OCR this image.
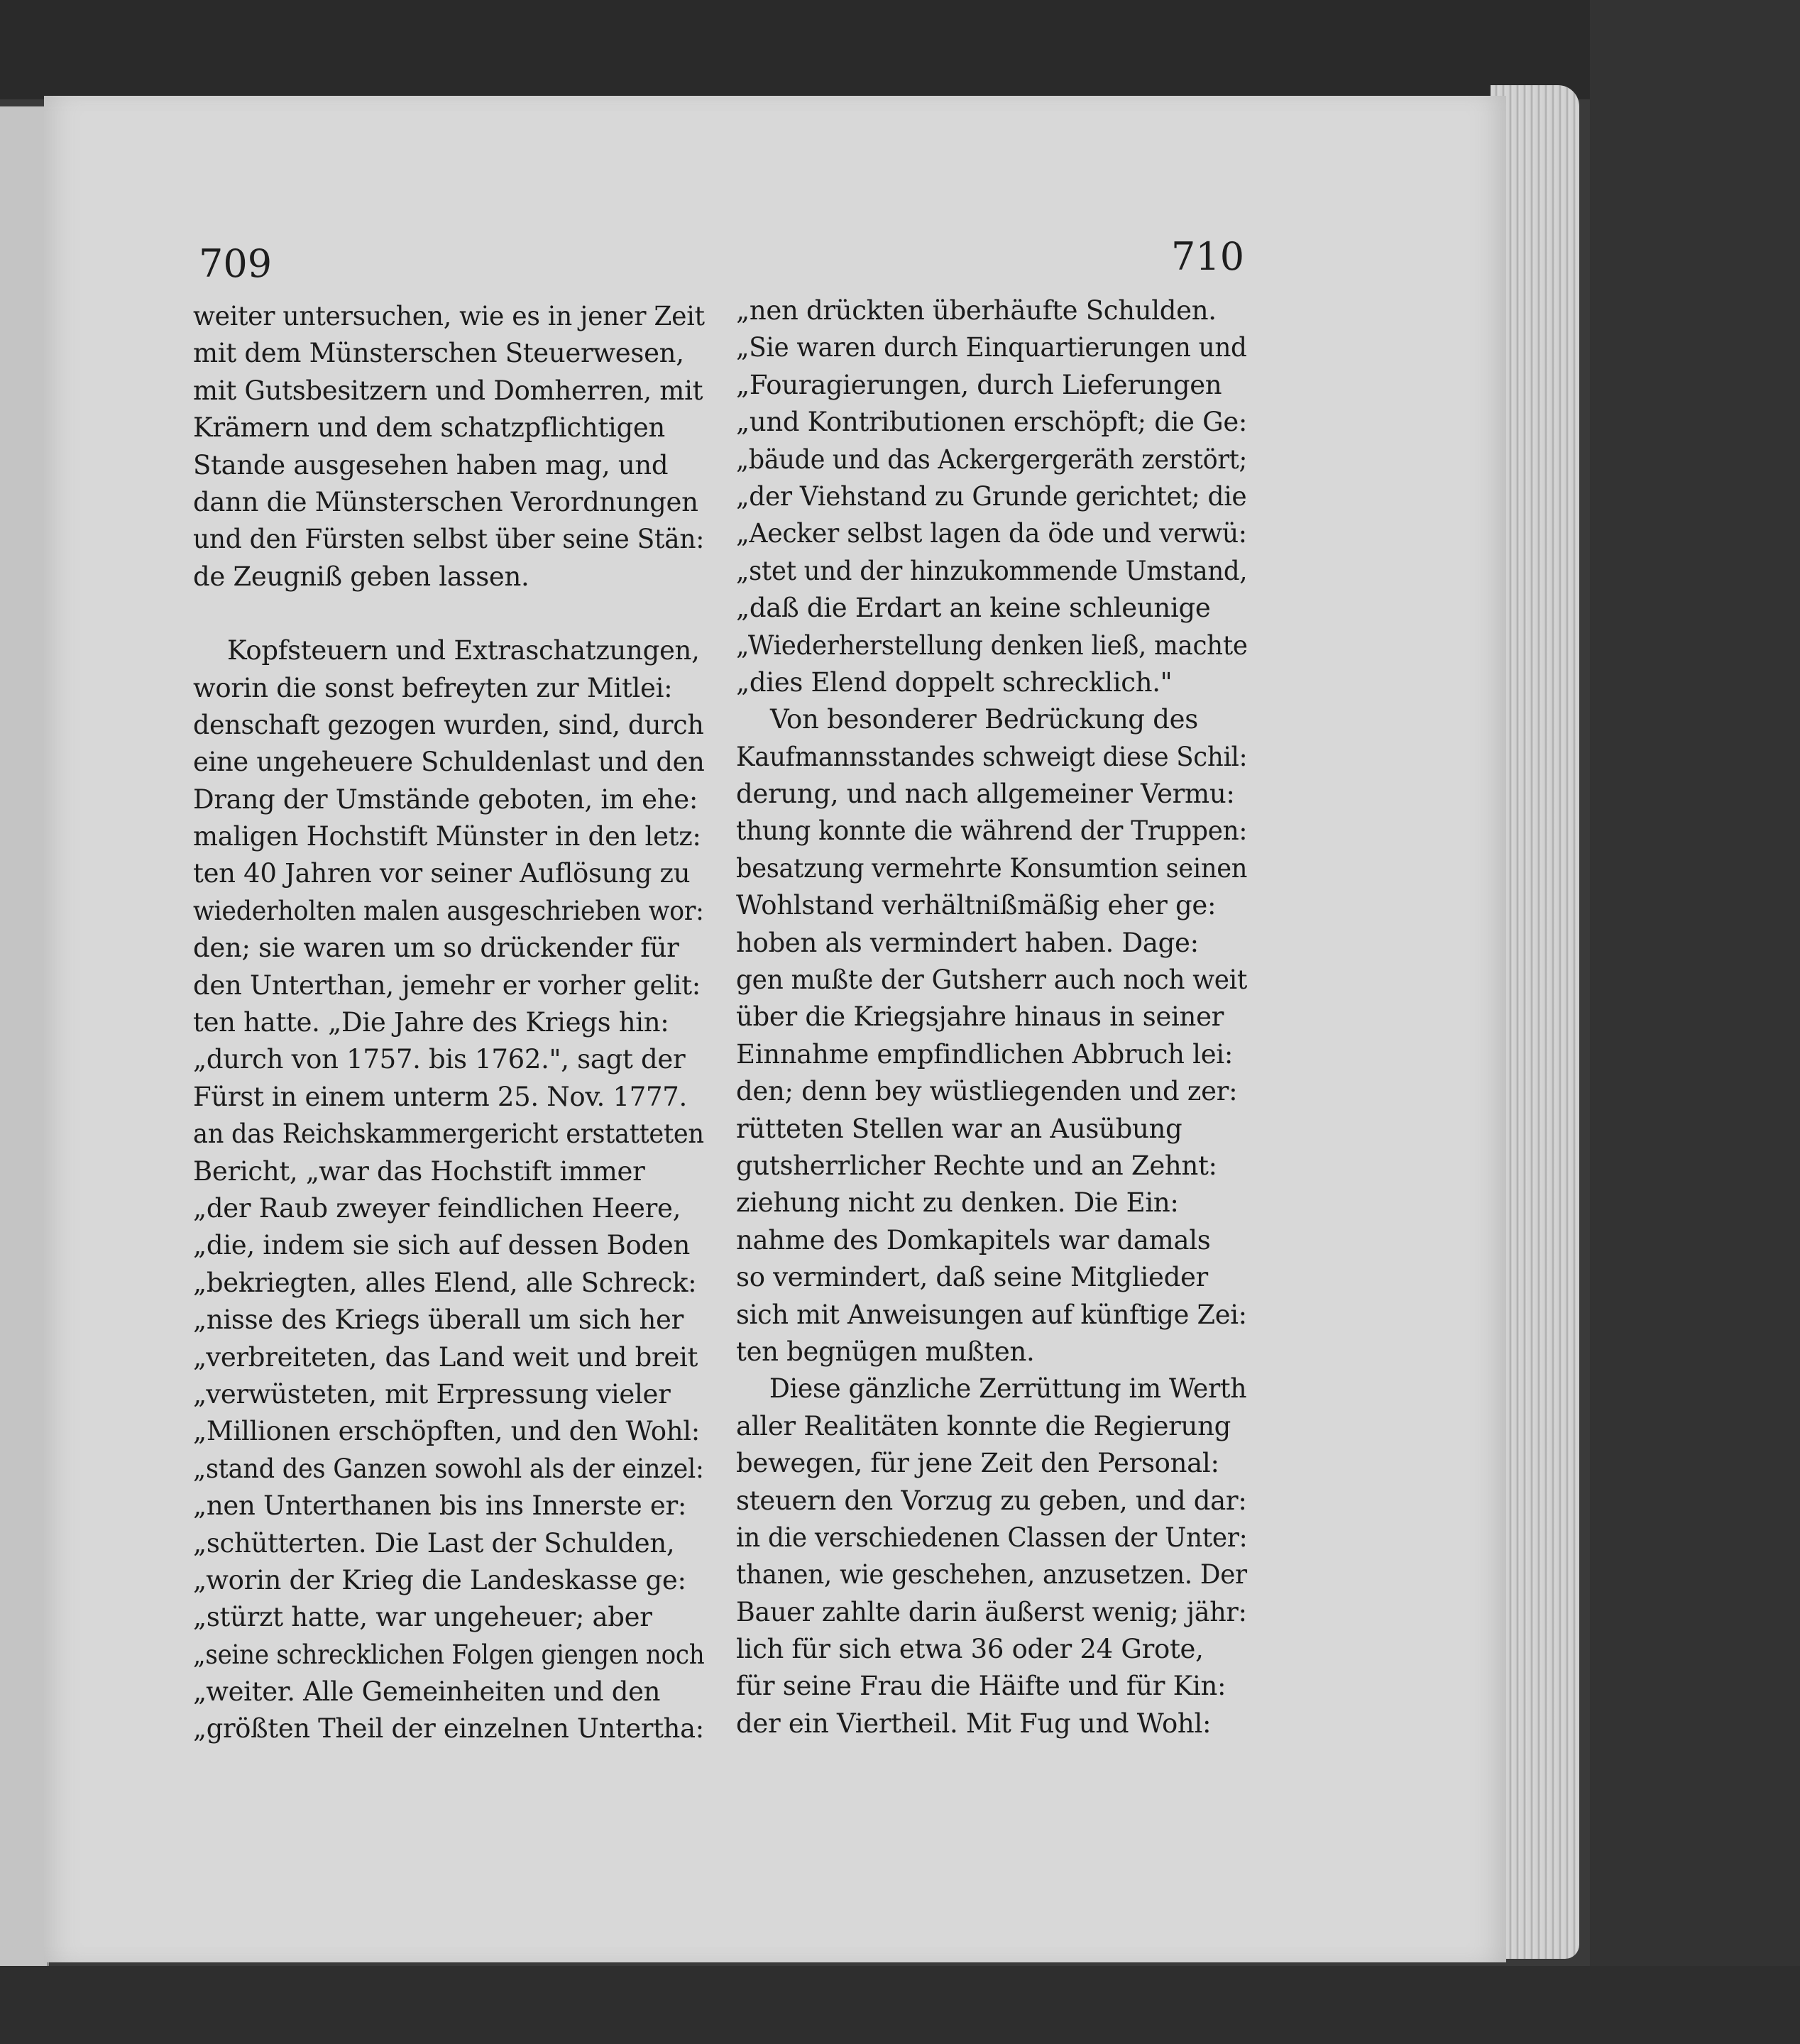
709	710

weiter untersuchen, wie es in jener Zeit
mit dem Münsterschen Steuerwesen,
mit Gutsbesitzern und Domherren, mit
Krämern und dem schatzpflichtigen
Stande ausgesehen haben mag, und
dann die Münsterschen Verordnungen
und den Fürsten selbst über seine Stän:
de Zeugniß geben lassen.
Kopfsteuern und Extraschatzungen,
worin die sonst befreyten zur Mitlei:
denschaft gezogen wurden, sind, durch
eine ungeheuere Schuldenlast und den
Drang der Umstände geboten, im ehe:
maligen Hochstift Münster in den letz:
ten 40 Jahren vor seiner Auflösung zu
wiederholten malen ausgeschrieben wor:
den; sie waren um so drückender für
den Unterthan, jemehr er vorher gelit:
ten hatte. „Die Jahre des Kriegs hin:
„durch von 1757. bis 1762.", sagt der
Fürst in einem unterm 25. Nov. 1777.
an das Reichskammergericht erstatteten
Bericht, „war das Hochstift immer
„der Raub zweyer feindlichen Heere,
„die, indem sie sich auf dessen Boden
„bekriegten, alles Elend, alle Schreck:
„nisse des Kriegs überall um sich her
„verbreiteten, das Land weit und breit
„verwüsteten, mit Erpressung vieler
„Millionen erschöpften, und den Wohl:
„stand des Ganzen sowohl als der einzel:
„nen Unterthanen bis ins Innerste er:
„schütterten. Die Last der Schulden,
„worin der Krieg die Landeskasse ge:
„stürzt hatte, war ungeheuer; aber
„seine schrecklichen Folgen giengen noch
„weiter. Alle Gemeinheiten und den
„größten Theil der einzelnen Untertha:
„nen drückten überhäufte Schulden.
„Sie waren durch Einquartierungen und
„Fouragierungen, durch Lieferungen
„und Kontributionen erschöpft; die Ge:
„bäude und das Ackergergeräth zerstört;
„der Viehstand zu Grunde gerichtet; die
„Aecker selbst lagen da öde und verwü:
„stet und der hinzukommende Umstand,
„daß die Erdart an keine schleunige
„Wiederherstellung denken ließ, machte
„dies Elend doppelt schrecklich."
Von besonderer Bedrückung des
Kaufmannsstandes schweigt diese Schil:
derung, und nach allgemeiner Vermu:
thung konnte die während der Truppen:
besatzung vermehrte Konsumtion seinen
Wohlstand verhältnißmäßig eher ge:
hoben als vermindert haben. Dage:
gen mußte der Gutsherr auch noch weit
über die Kriegsjahre hinaus in seiner
Einnahme empfindlichen Abbruch lei:
den; denn bey wüstliegenden und zer:
rütteten Stellen war an Ausübung
gutsherrlicher Rechte und an Zehnt:
ziehung nicht zu denken. Die Ein:
nahme des Domkapitels war damals
so vermindert, daß seine Mitglieder
sich mit Anweisungen auf künftige Zei:
ten begnügen mußten.
Diese gänzliche Zerrüttung im Werth
aller Realitäten konnte die Regierung
bewegen, für jene Zeit den Personal:
steuern den Vorzug zu geben, und dar:
in die verschiedenen Classen der Unter:
thanen, wie geschehen, anzusetzen. Der
Bauer zahlte darin äußerst wenig; jähr:
lich für sich etwa 36 oder 24 Grote,
für seine Frau die Häifte und für Kin:
der ein Viertheil. Mit Fug und Wohl:
